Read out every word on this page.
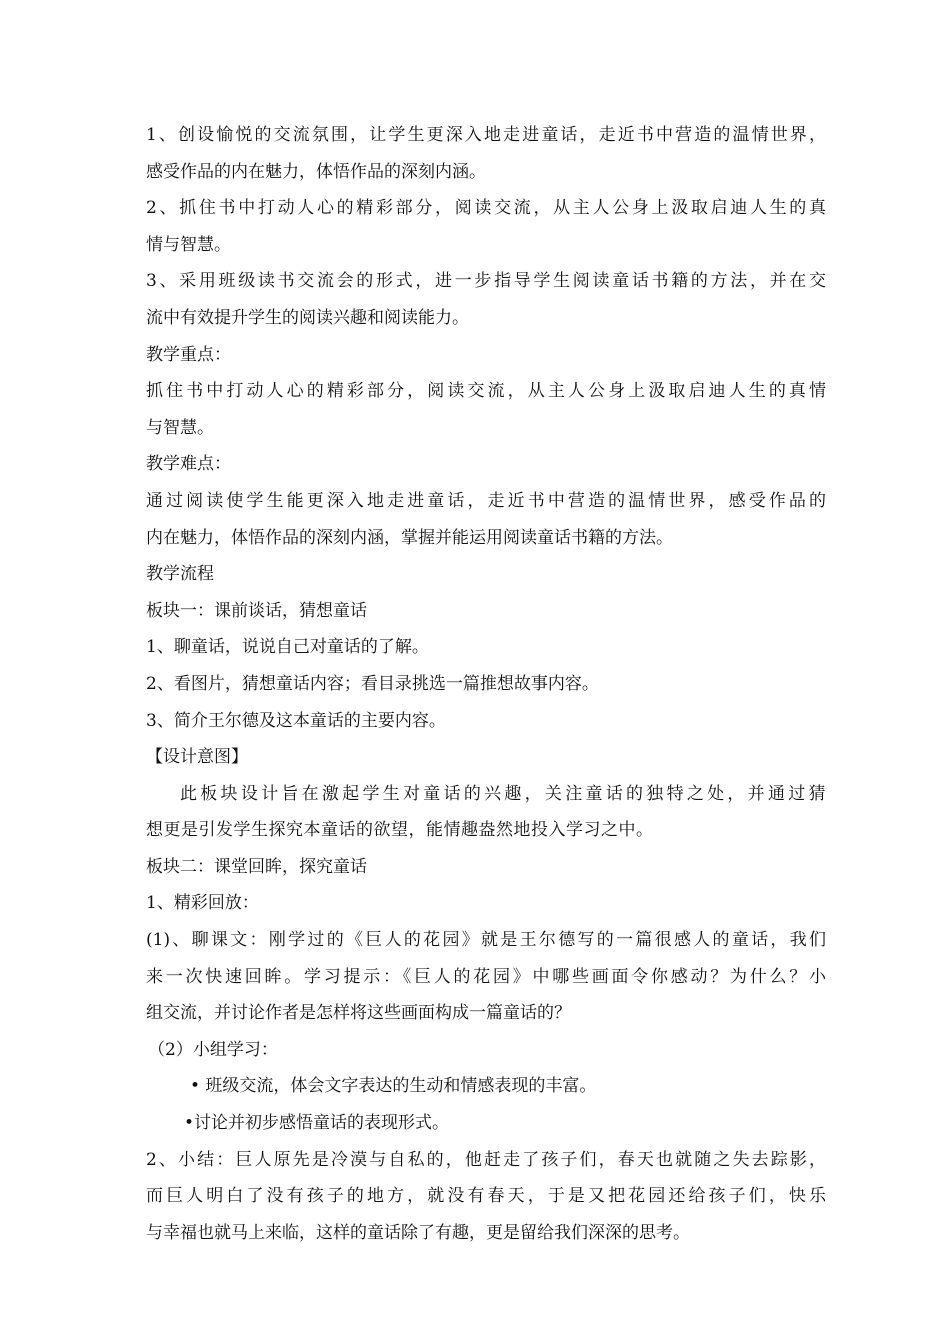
1、创设愉悦的交流氛围，让学生更深入地走进童话，走近书中营造的温情世界，
感受作品的内在魅力，体悟作品的深刻内涵。
2、抓住书中打动人心的精彩部分，阅读交流，从主人公身上汲取启迪人生的真
情与智慧。
3、采用班级读书交流会的形式，进一步指导学生阅读童话书籍的方法，并在交
流中有效提升学生的阅读兴趣和阅读能力。
教学重点：
抓住书中打动人心的精彩部分，阅读交流，从主人公身上汲取启迪人生的真情
与智慧。
教学难点：
通过阅读使学生能更深入地走进童话，走近书中营造的温情世界，感受作品的
内在魅力，体悟作品的深刻内涵，掌握并能运用阅读童话书籍的方法。
教学流程
板块一：课前谈话，猜想童话
1、聊童话，说说自己对童话的了解。
2、看图片，猜想童话内容；看目录挑选一篇推想故事内容。
3、简介王尔德及这本童话的主要内容。
【设计意图】
此板块设计旨在激起学生对童话的兴趣，关注童话的独特之处，并通过猜
想更是引发学生探究本童话的欲望，能情趣盎然地投入学习之中。
板块二：课堂回眸，探究童话
1、精彩回放：
(1)、聊课文：刚学过的《巨人的花园》就是王尔德写的一篇很感人的童话，我们
来一次快速回眸。学习提示：《巨人的花园》中哪些画面令你感动？为什么？小
组交流，并讨论作者是怎样将这些画面构成一篇童话的？
（2）小组学习：
• 班级交流，体会文字表达的生动和情感表现的丰富。
•讨论并初步感悟童话的表现形式。
2、小结：巨人原先是冷漠与自私的，他赶走了孩子们，春天也就随之失去踪影，
而巨人明白了没有孩子的地方，就没有春天，于是又把花园还给孩子们，快乐
与幸福也就马上来临，这样的童话除了有趣，更是留给我们深深的思考。
